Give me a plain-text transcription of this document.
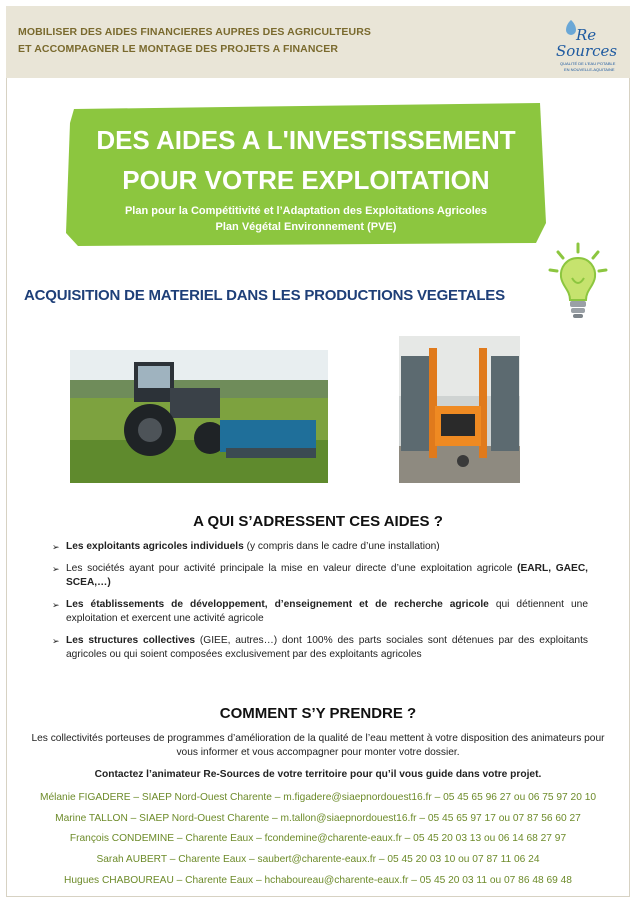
MOBILISER DES AIDES FINANCIERES AUPRES DES AGRICULTEURS
ET ACCOMPAGNER LE MONTAGE DES PROJETS A FINANCER
Re
Sources
QUALITÉ DE L'EAU POTABLE
EN NOUVELLE-AQUITAINE
DES AIDES A L'INVESTISSEMENT
POUR VOTRE EXPLOITATION
Plan pour la Compétitivité et l’Adaptation des Exploitations Agricoles
Plan Végétal Environnement (PVE)
ACQUISITION DE MATERIEL DANS LES PRODUCTIONS VEGETALES
A QUI S’ADRESSENT CES AIDES ?
➢ Les exploitants agricoles individuels (y compris dans le cadre d’une installation)
➢ Les sociétés ayant pour activité principale la mise en valeur directe d’une exploitation agricole (EARL, GAEC, SCEA,…)
➢ Les établissements de développement, d’enseignement et de recherche agricole qui détiennent une exploitation et exercent une activité agricole
➢ Les structures collectives (GIEE, autres…) dont 100% des parts sociales sont détenues par des exploitants agricoles ou qui soient composées exclusivement par des exploitants agricoles
COMMENT S’Y PRENDRE ?
Les collectivités porteuses de programmes d’amélioration de la qualité de l’eau mettent à votre disposition des animateurs pour vous informer et vous accompagner pour monter votre dossier.
Contactez l’animateur Re-Sources de votre territoire pour qu’il vous guide dans votre projet.
Mélanie FIGADERE – SIAEP Nord-Ouest Charente – m.figadere@siaepnordouest16.fr – 05 45 65 96 27 ou 06 75 97 20 10
Marine TALLON – SIAEP Nord-Ouest Charente – m.tallon@siaepnordouest16.fr – 05 45 65 97 17 ou 07 87 56 60 27
François CONDEMINE – Charente Eaux – fcondemine@charente-eaux.fr – 05 45 20 03 13 ou 06 14 68 27 97
Sarah AUBERT – Charente Eaux – saubert@charente-eaux.fr – 05 45 20 03 10 ou 07 87 11 06 24
Hugues CHABOUREAU – Charente Eaux – hchaboureau@charente-eaux.fr – 05 45 20 03 11 ou 07 86 48 69 48
